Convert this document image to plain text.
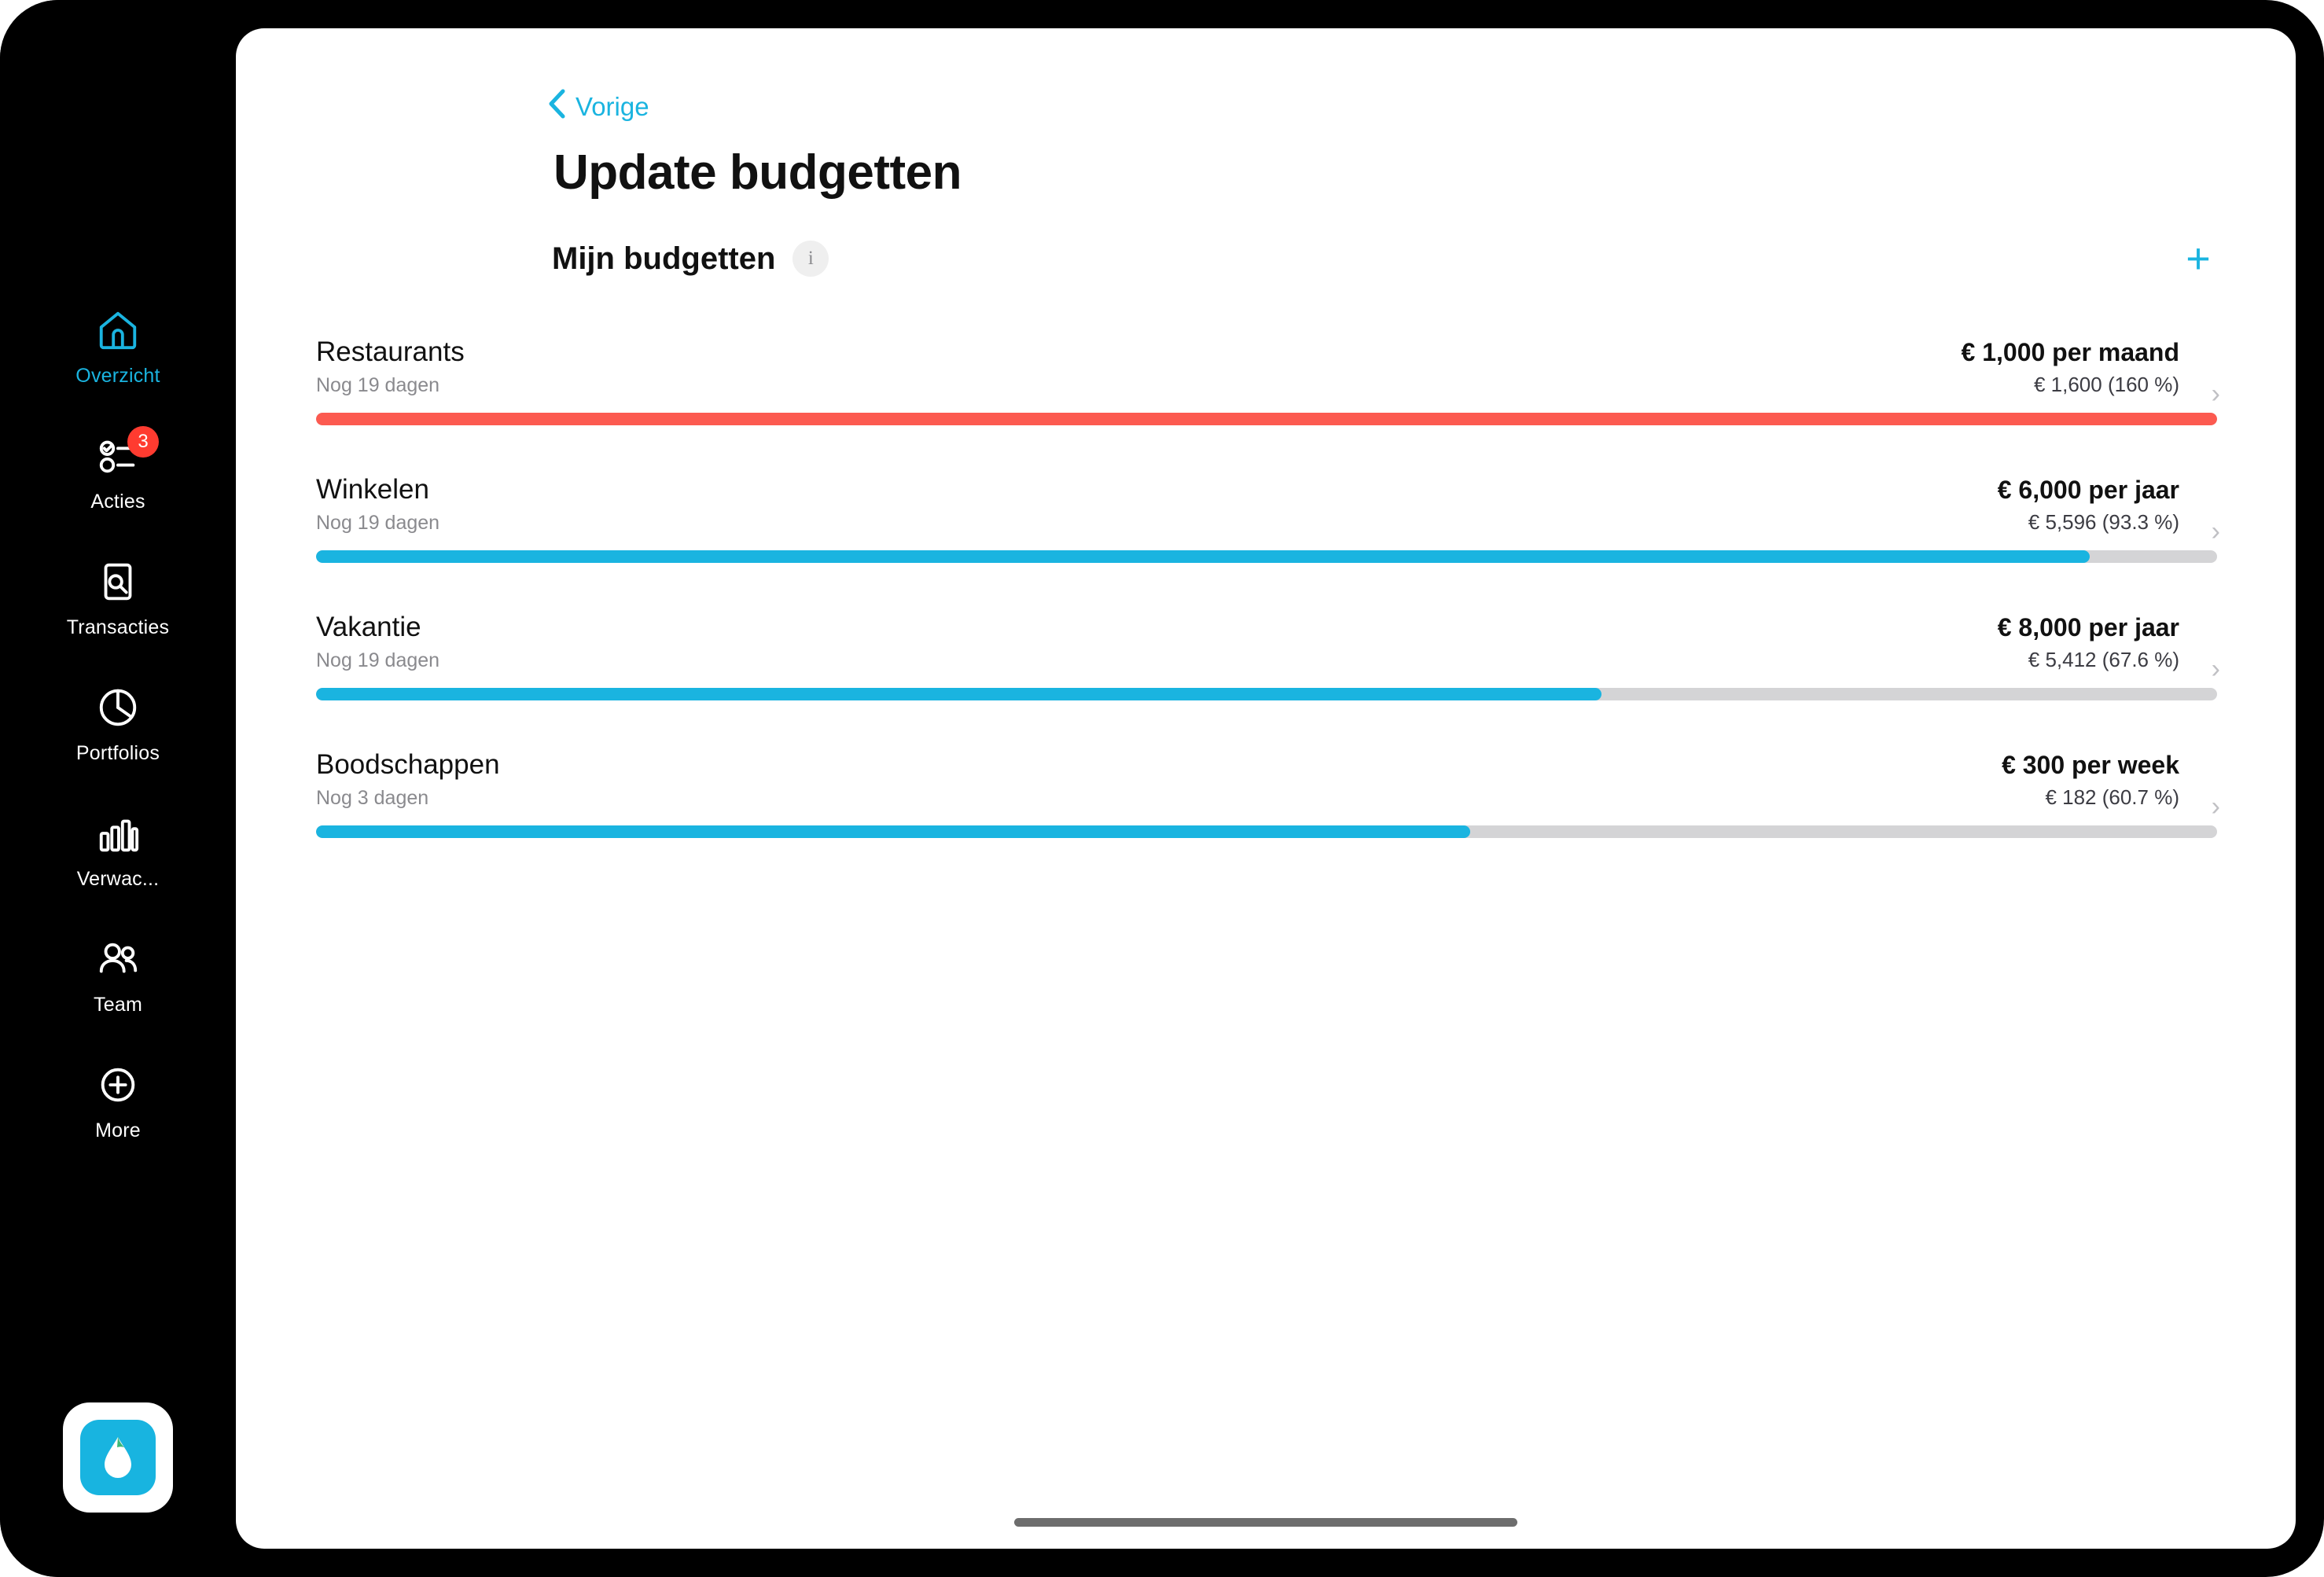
Overzicht
3
Acties
Transacties
Portfolios
Verwac...
Team
More
Vorige
Update budgetten
Mijn budgetten	i	+
Restaurants	€ 1,000 per maand
Nog 19 dagen	€ 1,600 (160 %) ›
Winkelen	€ 6,000 per jaar
Nog 19 dagen	€ 5,596 (93.3 %) ›
Vakantie	€ 8,000 per jaar
Nog 19 dagen	€ 5,412 (67.6 %) ›
Boodschappen	€ 300 per week
Nog 3 dagen	€ 182 (60.7 %) ›
